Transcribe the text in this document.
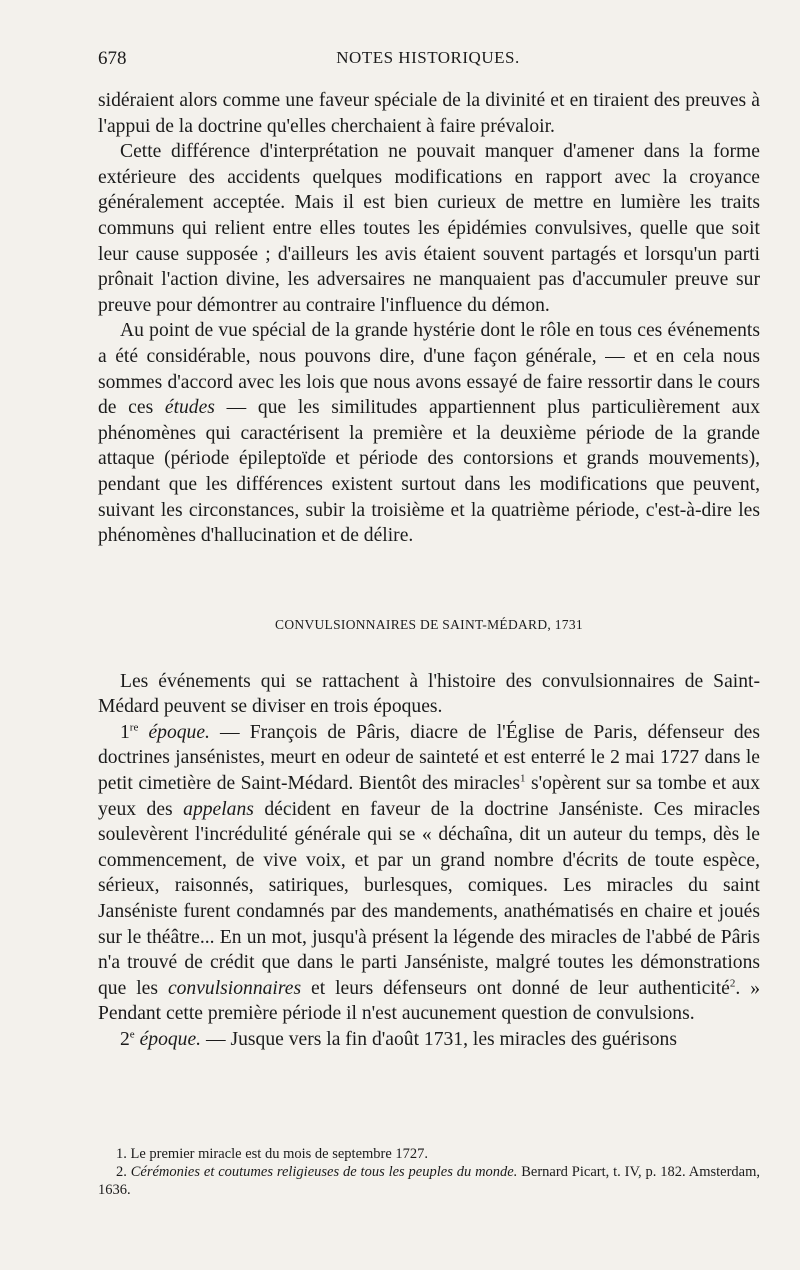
678	NOTES HISTORIQUES.

sidéraient alors comme une faveur spéciale de la divinité et en tiraient des preuves à l'appui de la doctrine qu'elles cherchaient à faire prévaloir.

Cette différence d'interprétation ne pouvait manquer d'amener dans la forme extérieure des accidents quelques modifications en rapport avec la croyance généralement acceptée. Mais il est bien curieux de mettre en lumière les traits communs qui relient entre elles toutes les épidémies convulsives, quelle que soit leur cause supposée ; d'ailleurs les avis étaient souvent partagés et lorsqu'un parti prônait l'action divine, les adversaires ne manquaient pas d'accumuler preuve sur preuve pour démontrer au contraire l'influence du démon.

Au point de vue spécial de la grande hystérie dont le rôle en tous ces événements a été considérable, nous pouvons dire, d'une façon générale, — et en cela nous sommes d'accord avec les lois que nous avons essayé de faire ressortir dans le cours de ces études — que les similitudes appartiennent plus particulièrement aux phénomènes qui caractérisent la première et la deuxième période de la grande attaque (période épileptoïde et période des contorsions et grands mouvements), pendant que les différences existent surtout dans les modifications que peuvent, suivant les circonstances, subir la troisième et la quatrième période, c'est-à-dire les phénomènes d'hallucination et de délire.

CONVULSIONNAIRES DE SAINT-MÉDARD, 1731

Les événements qui se rattachent à l'histoire des convulsionnaires de Saint-Médard peuvent se diviser en trois époques.

1re époque. — François de Pâris, diacre de l'Église de Paris, défenseur des doctrines jansénistes, meurt en odeur de sainteté et est enterré le 2 mai 1727 dans le petit cimetière de Saint-Médard. Bientôt des miracles$^1$ s'opèrent sur sa tombe et aux yeux des appelans décident en faveur de la doctrine Janséniste. Ces miracles soulevèrent l'incrédulité générale qui se « déchaîna, dit un auteur du temps, dès le commencement, de vive voix, et par un grand nombre d'écrits de toute espèce, sérieux, raisonnés, satiriques, burlesques, comiques. Les miracles du saint Janséniste furent condamnés par des mandements, anathématisés en chaire et joués sur le théâtre... En un mot, jusqu'à présent la légende des miracles de l'abbé de Pâris n'a trouvé de crédit que dans le parti Janséniste, malgré toutes les démonstrations que les convulsionnaires et leurs défenseurs ont donné de leur authenticité$^2$. » Pendant cette première période il n'est aucunement question de convulsions.

2e époque. — Jusque vers la fin d'août 1731, les miracles des guérisons

1. Le premier miracle est du mois de septembre 1727.

2. Cérémonies et coutumes religieuses de tous les peuples du monde. Bernard Picart, t. IV, p. 182. Amsterdam, 1636.
